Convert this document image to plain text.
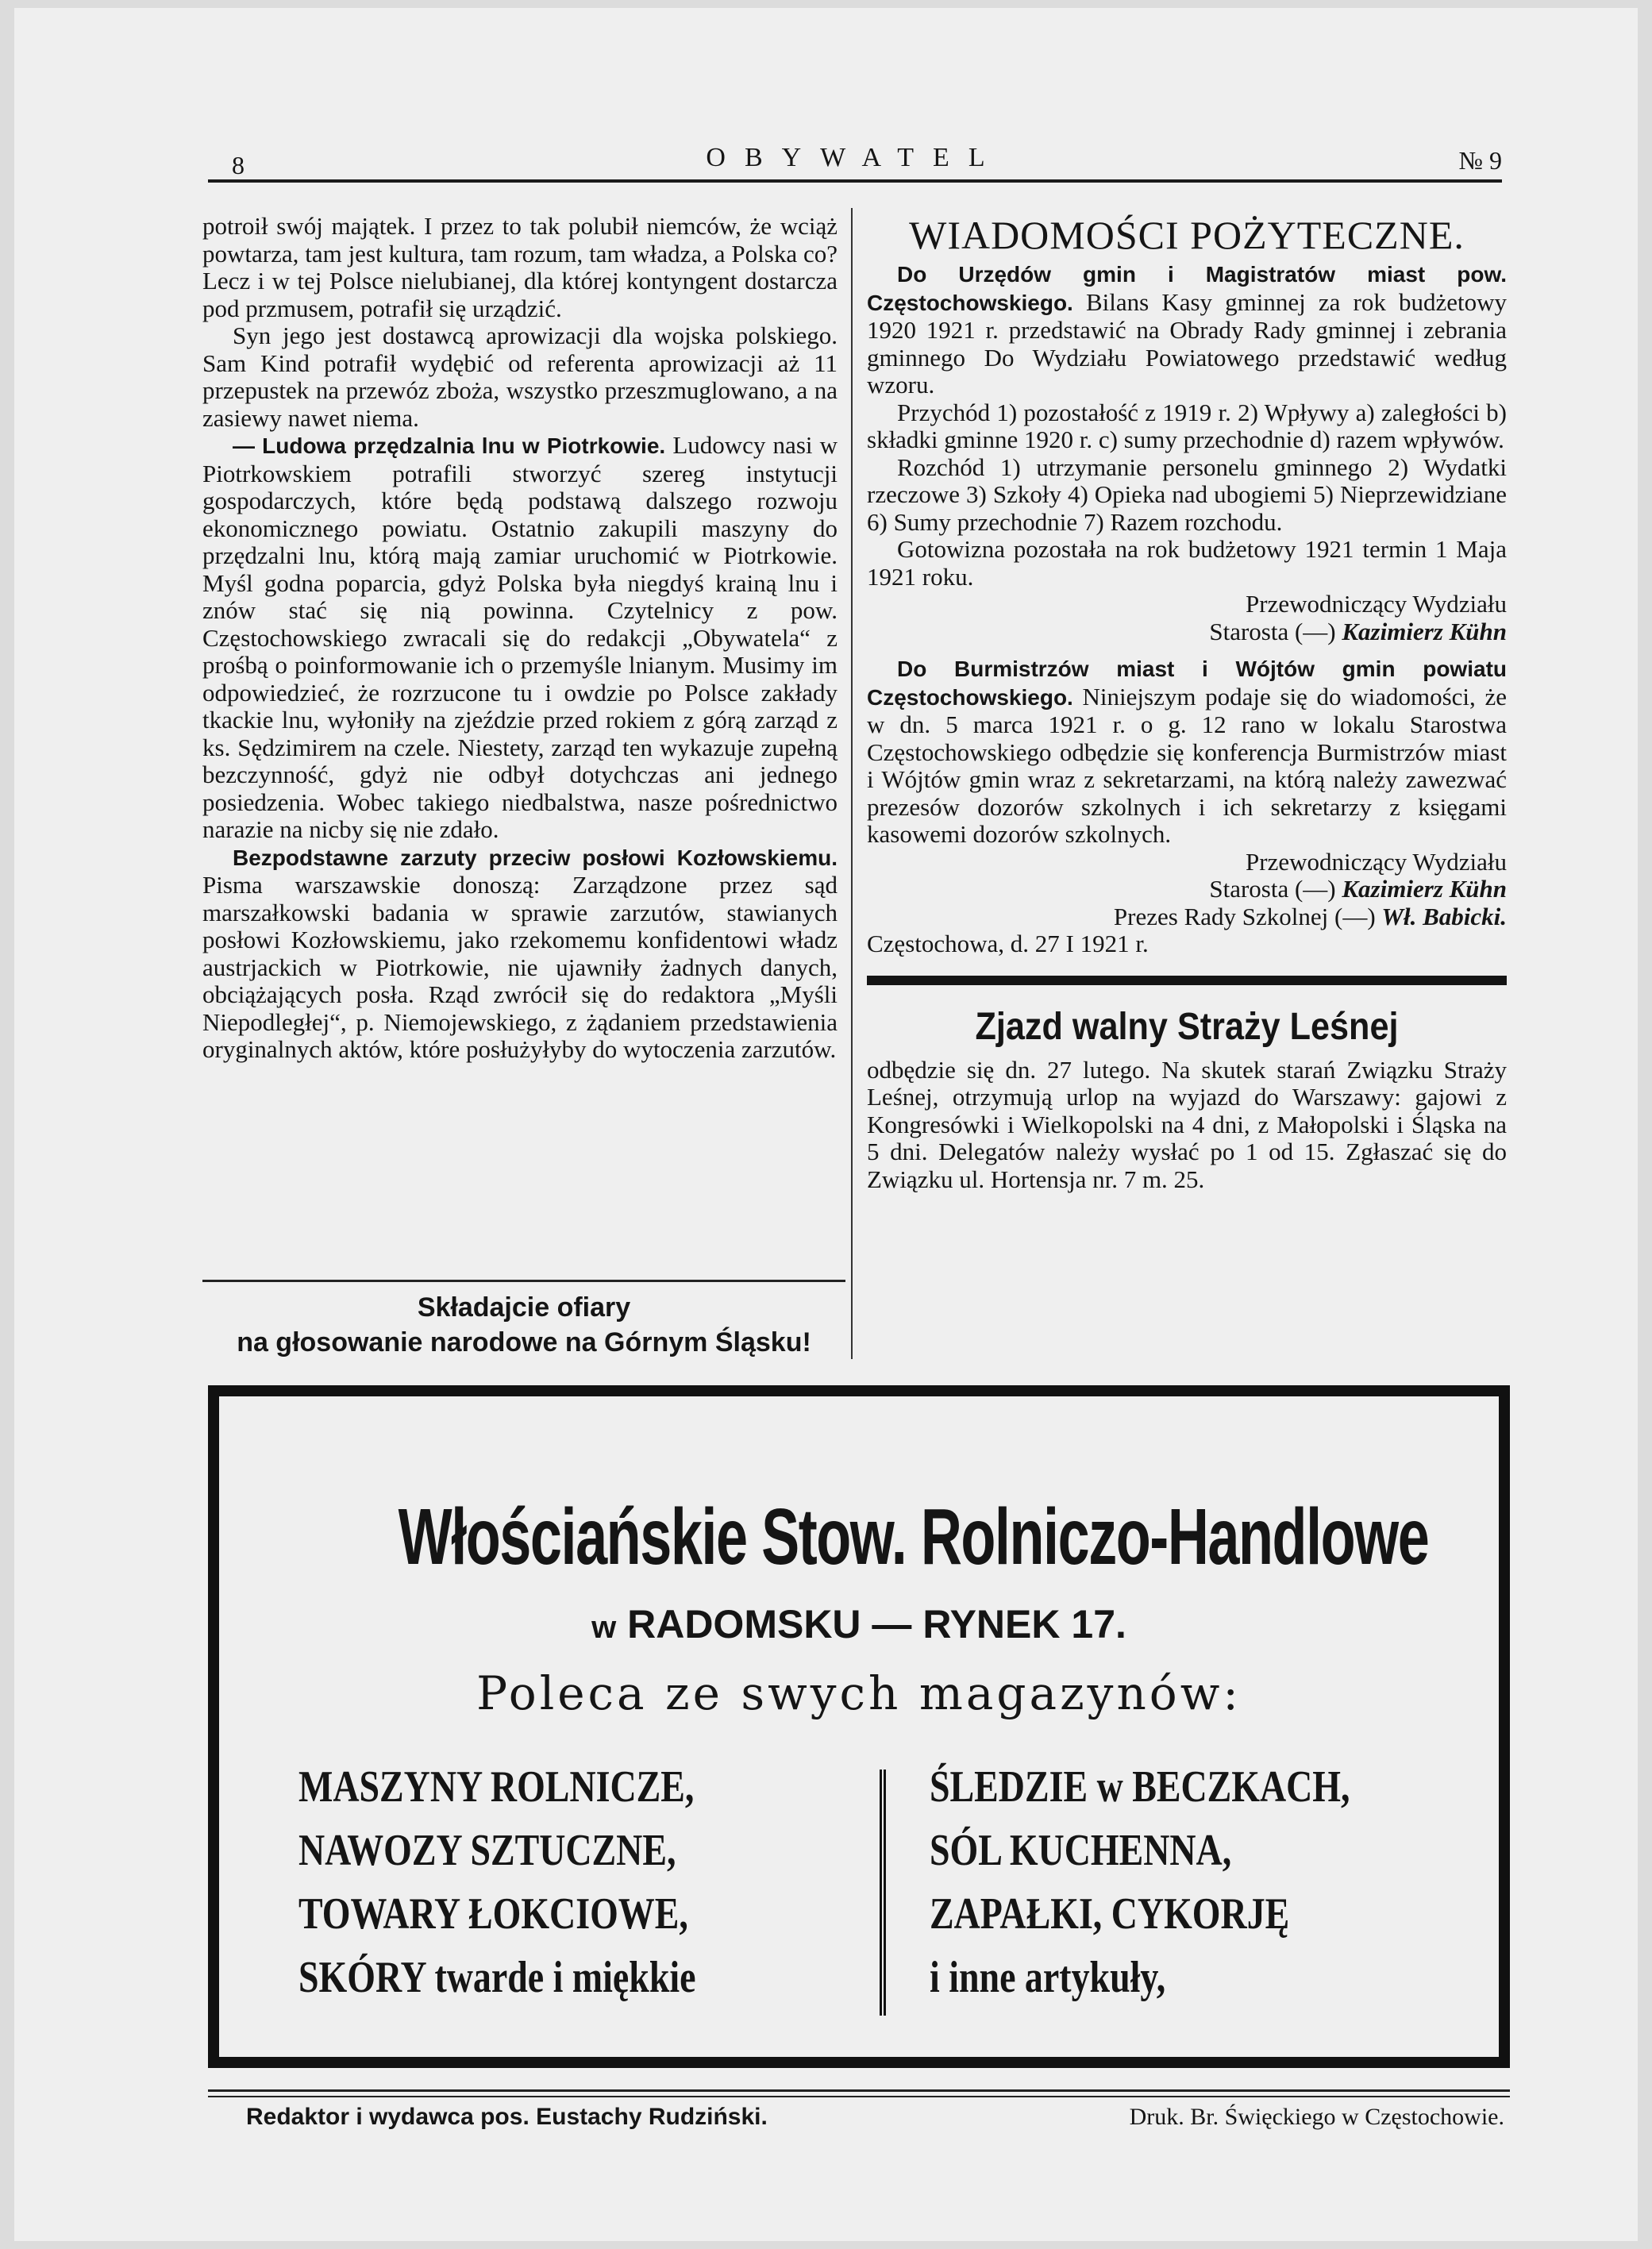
8	OBYWATEL	№ 9

potroił swój majątek. I przez to tak polubił niemców, że wciąż powtarza, tam jest kultura, tam rozum, tam władza, a Polska co? Lecz i w tej Polsce nielubianej, dla której kontyngent dostarcza pod przmusem, potrafił się urządzić.

Syn jego jest dostawcą aprowizacji dla wojska polskiego. Sam Kind potrafił wydębić od referenta aprowizacji aż 11 przepustek na przewóz zboża, wszystko przeszmuglowano, a na zasiewy nawet niema.

— Ludowa przędzalnia lnu w Piotrkowie. Ludowcy nasi w Piotrkowskiem potrafili stworzyć szereg instytucji gospodarczych, które będą podstawą dalszego rozwoju ekonomicznego powiatu. Ostatnio zakupili maszyny do przędzalni lnu, którą mają zamiar uruchomić w Piotrkowie. Myśl godna poparcia, gdyż Polska była niegdyś krainą lnu i znów stać się nią powinna. Czytelnicy z pow. Częstochowskiego zwracali się do redakcji „Obywatela“ z prośbą o poinformowanie ich o przemyśle lnianym. Musimy im odpowiedzieć, że rozrzucone tu i owdzie po Polsce zakłady tkackie lnu, wyłoniły na zjeździe przed rokiem z górą zarząd z ks. Sędzimirem na czele. Niestety, zarząd ten wykazuje zupełną bezczynność, gdyż nie odbył dotychczas ani jednego posiedzenia. Wobec takiego niedbalstwa, nasze pośrednictwo narazie na nicby się nie zdało.

Bezpodstawne zarzuty przeciw posłowi Kozłowskiemu. Pisma warszawskie donoszą: Zarządzone przez sąd marszałkowski badania w sprawie zarzutów, stawianych posłowi Kozłowskiemu, jako rzekomemu konfidentowi władz austrjackich w Piotrkowie, nie ujawniły żadnych danych, obciążających posła. Rząd zwrócił się do redaktora „Myśli Niepodległej“, p. Niemojewskiego, z żądaniem przedstawienia oryginalnych aktów, które posłużyłyby do wytoczenia zarzutów.

Składajcie ofiary
na głosowanie narodowe na Górnym Śląsku!
WIADOMOŚCI POŻYTECZNE.

Do Urzędów gmin i Magistratów miast pow. Częstochowskiego. Bilans Kasy gminnej za rok budżetowy 1920 1921 r. przedstawić na Obrady Rady gminnej i zebrania gminnego Do Wydziału Powiatowego przedstawić według wzoru.

Przychód 1) pozostałość z 1919 r. 2) Wpływy a) zaległości b) składki gminne 1920 r. c) sumy przechodnie d) razem wpływów.

Rozchód 1) utrzymanie personelu gminnego 2) Wydatki rzeczowe 3) Szkoły 4) Opieka nad ubogiemi 5) Nieprzewidziane 6) Sumy przechodnie 7) Razem rozchodu.

Gotowizna pozostała na rok budżetowy 1921 termin 1 Maja 1921 roku.

Przewodniczący Wydziału
Starosta (—) Kazimierz Kühn

Do Burmistrzów miast i Wójtów gmin powiatu Częstochowskiego. Niniejszym podaje się do wiadomości, że w dn. 5 marca 1921 r. o g. 12 rano w lokalu Starostwa Częstochowskiego odbędzie się konferencja Burmistrzów miast i Wójtów gmin wraz z sekretarzami, na którą należy zawezwać prezesów dozorów szkolnych i ich sekretarzy z księgami kasowemi dozorów szkolnych.

Przewodniczący Wydziału
Starosta (—) Kazimierz Kühn
Prezes Rady Szkolnej (—) Wł. Babicki.

Częstochowa, d. 27 I 1921 r.

Zjazd walny Straży Leśnej

odbędzie się dn. 27 lutego. Na skutek starań Związku Straży Leśnej, otrzymują urlop na wyjazd do Warszawy: gajowi z Kongresówki i Wielkopolski na 4 dni, z Małopolski i Śląska na 5 dni. Delegatów należy wysłać po 1 od 15. Zgłaszać się do Związku ul. Hortensja nr. 7 m. 25.

Włościańskie Stow. Rolniczo-Handlowe
w RADOMSKU — RYNEK 17.
Poleca ze swych magazynów:
MASZYNY ROLNICZE,
NAWOZY SZTUCZNE,
TOWARY ŁOKCIOWE,
SKÓRY twarde i miękkie
ŚLEDZIE w BECZKACH,
SÓL KUCHENNA,
ZAPAŁKI, CYKORJĘ
i inne artykuły,
Redaktor i wydawca pos. Eustachy Rudziński.	Druk. Br. Święckiego w Częstochowie.
